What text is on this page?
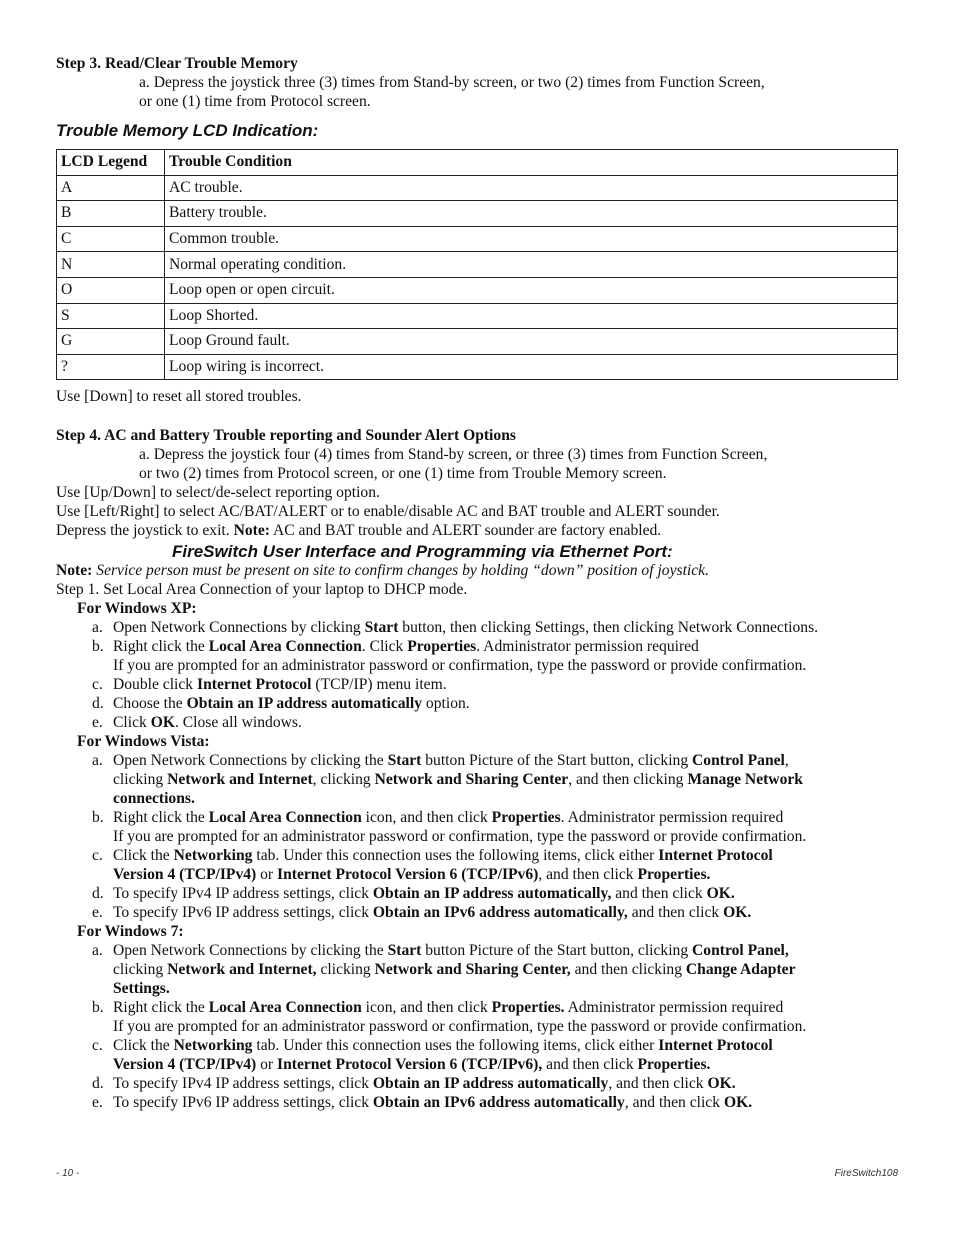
Step 3. Read/Clear Trouble Memory
a. Depress the joystick three (3) times from Stand-by screen, or two (2) times from Function Screen,
or one (1) time from Protocol screen.
Trouble Memory LCD Indication:
LCD Legend	Trouble Condition
A	AC trouble.
B	Battery trouble.
C	Common trouble.
N	Normal operating condition.
O	Loop open or open circuit.
S	Loop Shorted.
G	Loop Ground fault.
?	Loop wiring is incorrect.
Use [Down] to reset all stored troubles.
Step 4. AC and Battery Trouble reporting and Sounder Alert Options
a. Depress the joystick four (4) times from Stand-by screen, or three (3) times from Function Screen,
or two (2) times from Protocol screen, or one (1) time from Trouble Memory screen.
Use [Up/Down] to select/de-select reporting option.
Use [Left/Right] to select AC/BAT/ALERT or to enable/disable AC and BAT trouble and ALERT sounder.
Depress the joystick to exit. Note: AC and BAT trouble and ALERT sounder are factory enabled.
FireSwitch User Interface and Programming via Ethernet Port:
Note: Service person must be present on site to confirm changes by holding “down” position of joystick.
Step 1. Set Local Area Connection of your laptop to DHCP mode.
For Windows XP:
a. Open Network Connections by clicking Start button, then clicking Settings, then clicking Network Connections.
b. Right click the Local Area Connection. Click Properties. Administrator permission required
If you are prompted for an administrator password or confirmation, type the password or provide confirmation.
c. Double click Internet Protocol (TCP/IP) menu item.
d. Choose the Obtain an IP address automatically option.
e. Click OK. Close all windows.
For Windows Vista:
a. Open Network Connections by clicking the Start button Picture of the Start button, clicking Control Panel,
clicking Network and Internet, clicking Network and Sharing Center, and then clicking Manage Network
connections.
b. Right click the Local Area Connection icon, and then click Properties. Administrator permission required
If you are prompted for an administrator password or confirmation, type the password or provide confirmation.
c. Click the Networking tab. Under this connection uses the following items, click either Internet Protocol
Version 4 (TCP/IPv4) or Internet Protocol Version 6 (TCP/IPv6), and then click Properties.
d. To specify IPv4 IP address settings, click Obtain an IP address automatically, and then click OK.
e. To specify IPv6 IP address settings, click Obtain an IPv6 address automatically, and then click OK.
For Windows 7:
a. Open Network Connections by clicking the Start button Picture of the Start button, clicking Control Panel,
clicking Network and Internet, clicking Network and Sharing Center, and then clicking Change Adapter
Settings.
b. Right click the Local Area Connection icon, and then click Properties. Administrator permission required
If you are prompted for an administrator password or confirmation, type the password or provide confirmation.
c. Click the Networking tab. Under this connection uses the following items, click either Internet Protocol
Version 4 (TCP/IPv4) or Internet Protocol Version 6 (TCP/IPv6), and then click Properties.
d. To specify IPv4 IP address settings, click Obtain an IP address automatically, and then click OK.
e. To specify IPv6 IP address settings, click Obtain an IPv6 address automatically, and then click OK.
- 10 -	FireSwitch108
